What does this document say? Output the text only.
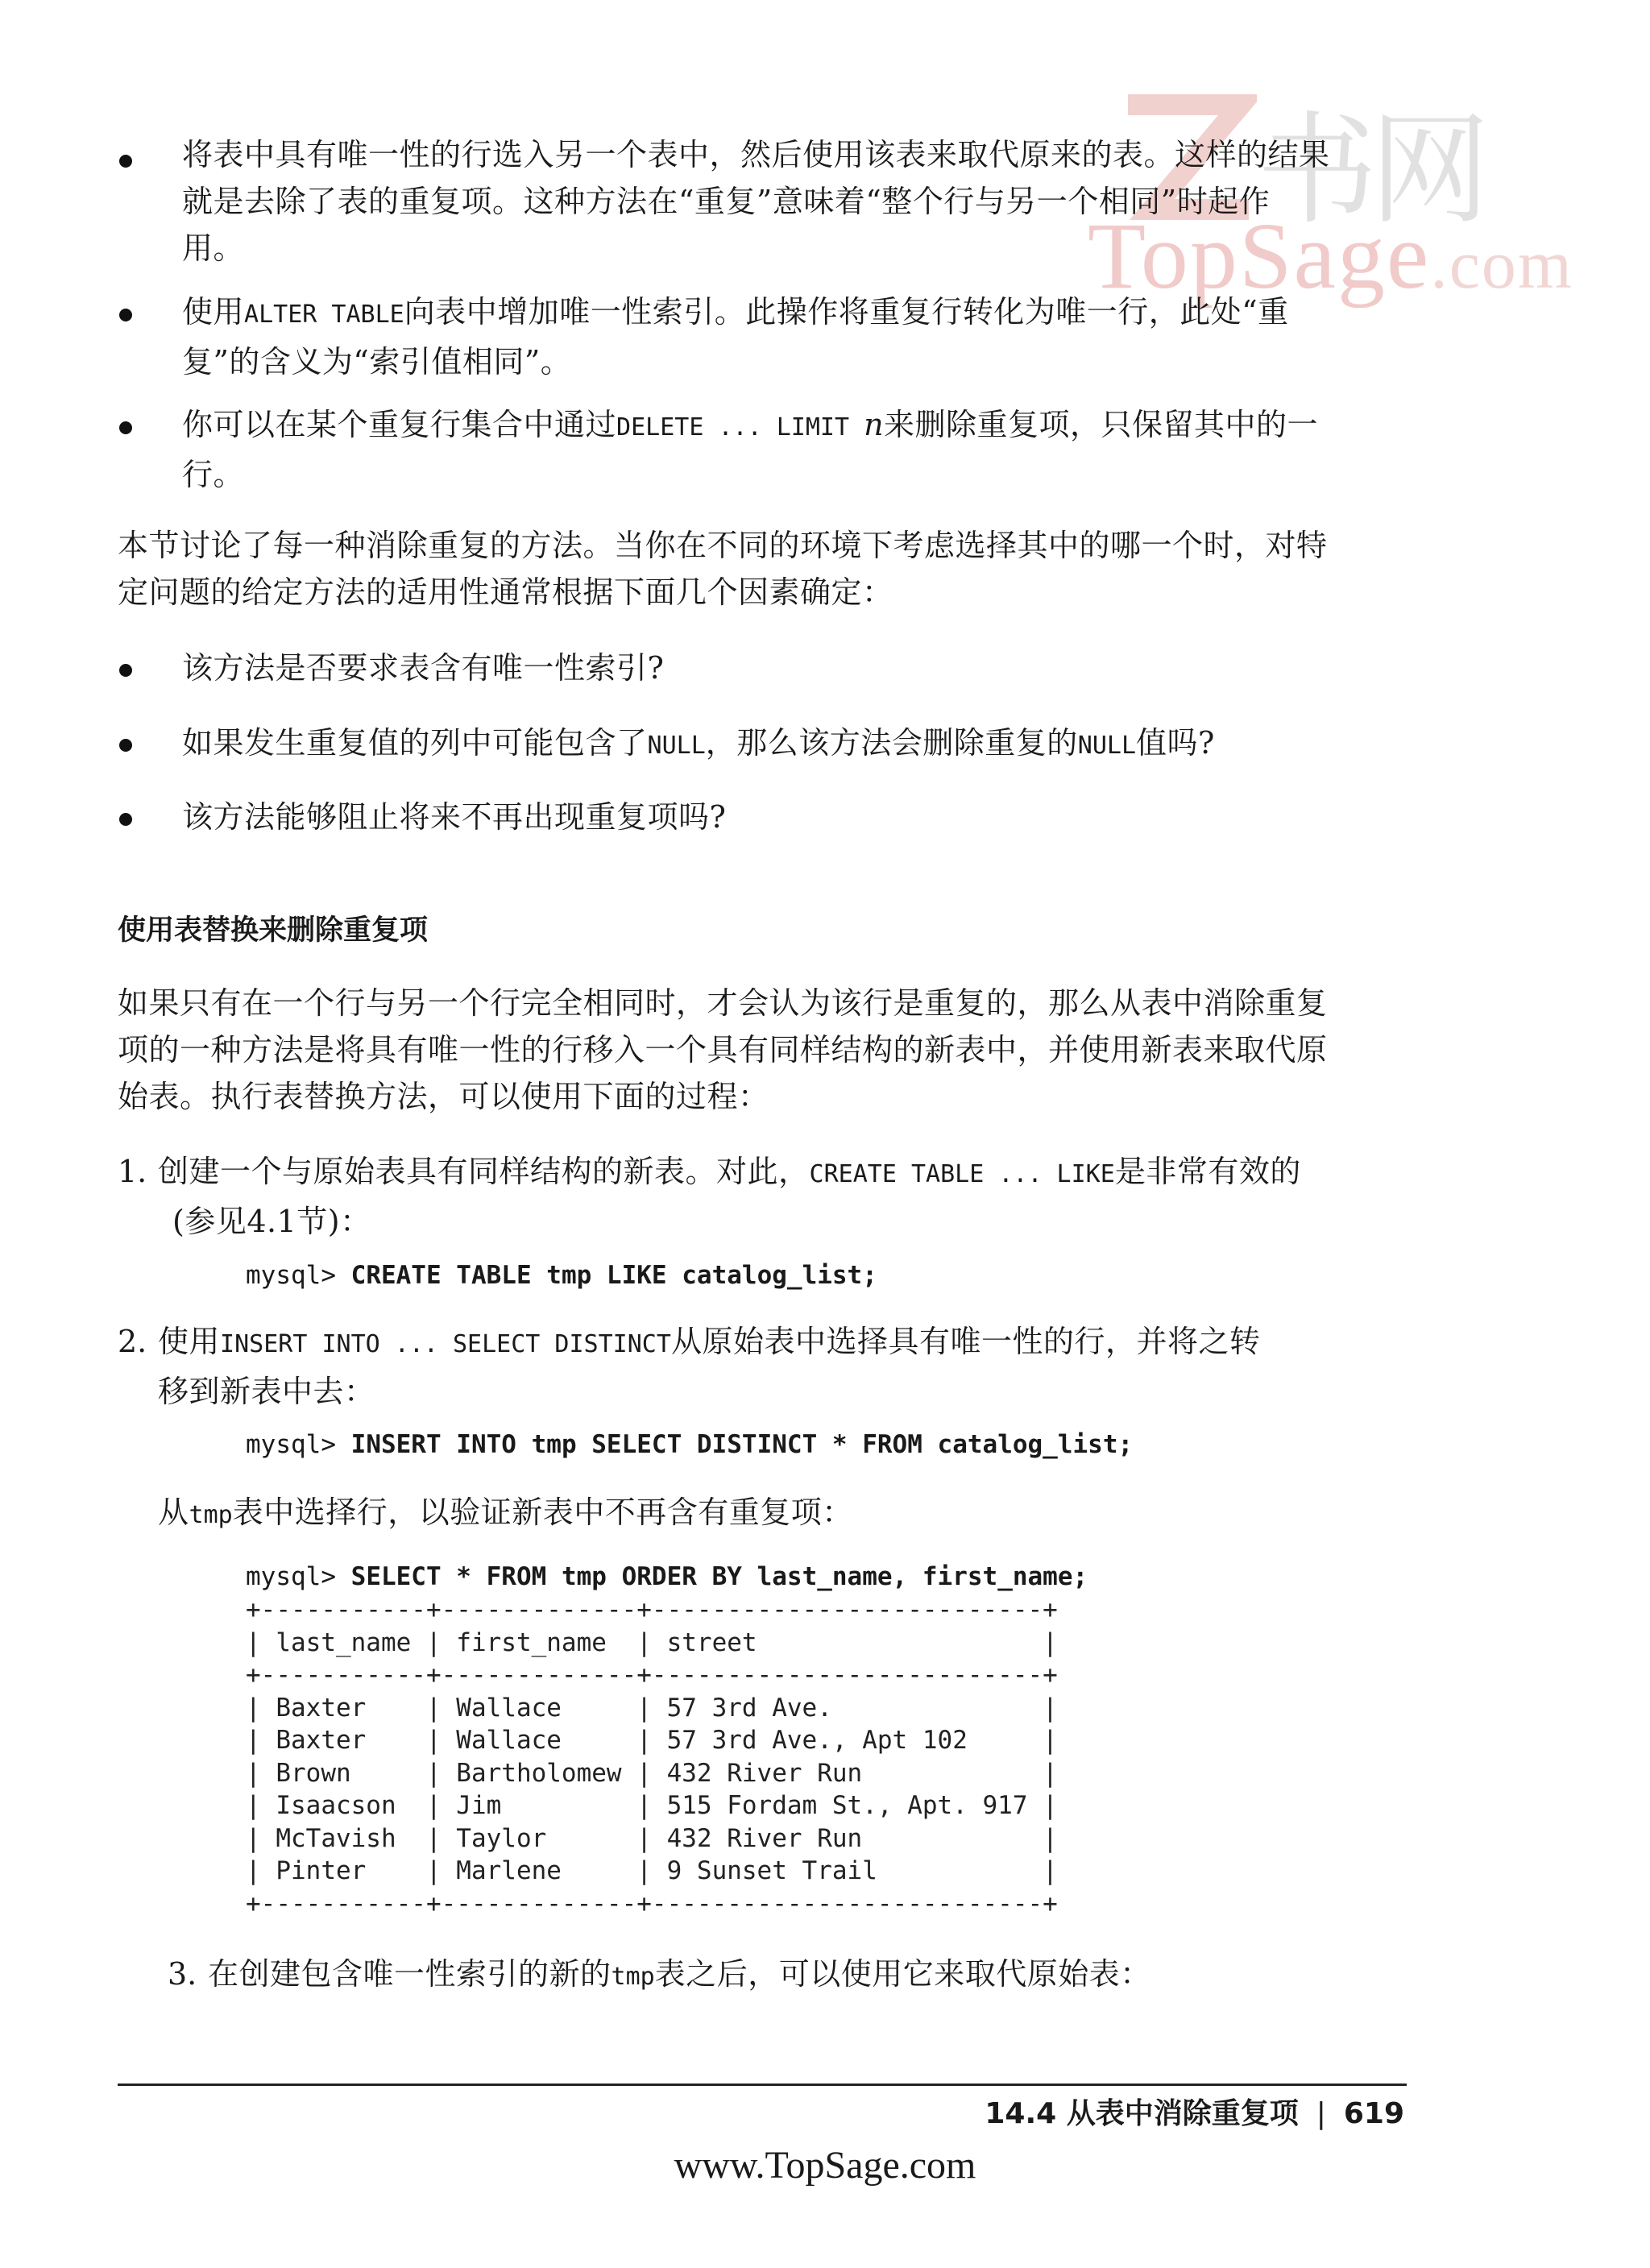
书网
TopSage.com
将表中具有唯一性的行选入另一个表中，然后使用该表来取代原来的表。这样的结果
就是去除了表的重复项。这种方法在“重复”意味着“整个行与另一个相同”时起作
用。
使用ALTER TABLE向表中增加唯一性索引。此操作将重复行转化为唯一行，此处“重
复”的含义为“索引值相同”。
你可以在某个重复行集合中通过DELETE ... LIMIT n来删除重复项，只保留其中的一
行。
本节讨论了每一种消除重复的方法。当你在不同的环境下考虑选择其中的哪一个时，对特
定问题的给定方法的适用性通常根据下面几个因素确定：
该方法是否要求表含有唯一性索引?
如果发生重复值的列中可能包含了NULL，那么该方法会删除重复的NULL值吗?
该方法能够阻止将来不再出现重复项吗?
使用表替换来删除重复项
如果只有在一个行与另一个行完全相同时，才会认为该行是重复的，那么从表中消除重复
项的一种方法是将具有唯一性的行移入一个具有同样结构的新表中，并使用新表来取代原
始表。执行表替换方法，可以使用下面的过程：
1. 创建一个与原始表具有同样结构的新表。对此，CREATE TABLE ... LIKE是非常有效的
(参见4.1节)：
mysql> CREATE TABLE tmp LIKE catalog_list;
2. 使用INSERT INTO ... SELECT DISTINCT从原始表中选择具有唯一性的行，并将之转
移到新表中去：
mysql> INSERT INTO tmp SELECT DISTINCT * FROM catalog_list;
从tmp表中选择行，以验证新表中不再含有重复项：
mysql> SELECT * FROM tmp ORDER BY last_name, first_name;
+-----------+-------------+--------------------------+
| last_name | first_name  | street                   |
+-----------+-------------+--------------------------+
| Baxter    | Wallace     | 57 3rd Ave.              |
| Baxter    | Wallace     | 57 3rd Ave., Apt 102     |
| Brown     | Bartholomew | 432 River Run            |
| Isaacson  | Jim         | 515 Fordam St., Apt. 917 |
| McTavish  | Taylor      | 432 River Run            |
| Pinter    | Marlene     | 9 Sunset Trail           |
+-----------+-------------+--------------------------+
3. 在创建包含唯一性索引的新的tmp表之后，可以使用它来取代原始表：
14.4 从表中消除重复项 | 619
www.TopSage.com
